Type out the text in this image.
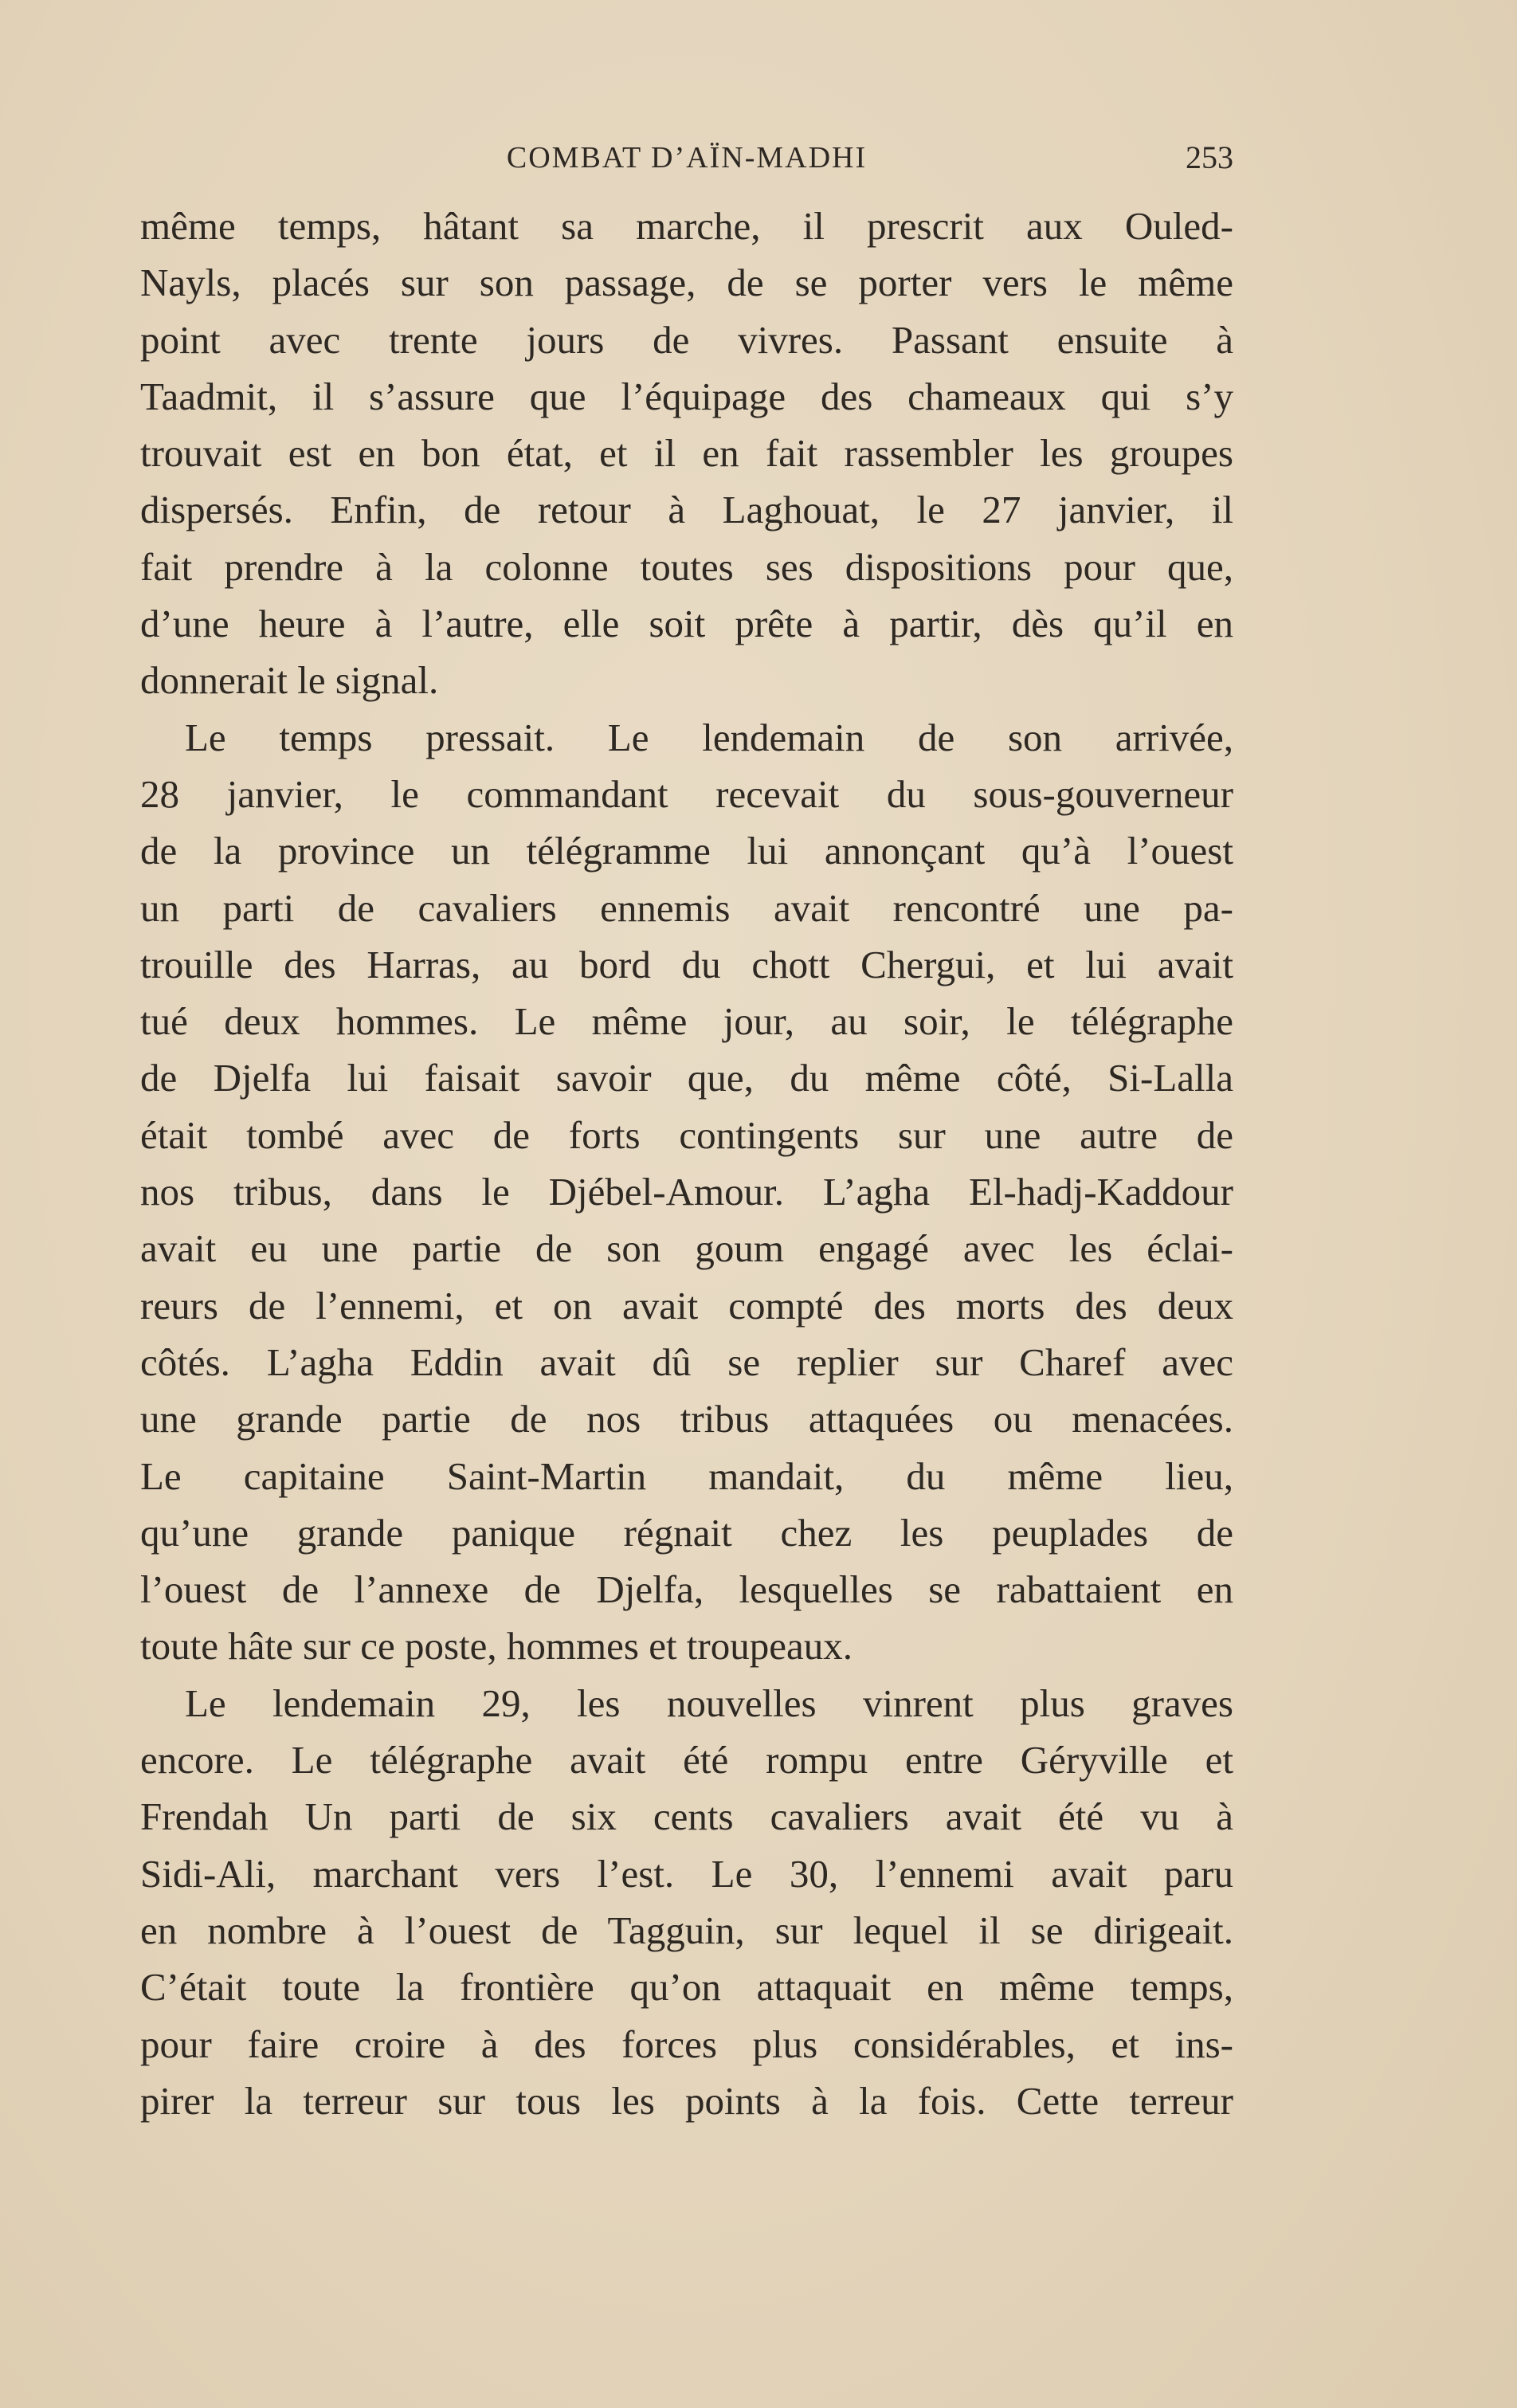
COMBAT D’AÏN-MADHI	253
même temps, hâtant sa marche, il prescrit aux Ouled-
Nayls, placés sur son passage, de se porter vers le même
point avec trente jours de vivres. Passant ensuite à
Taadmit, il s’assure que l’équipage des chameaux qui s’y
trouvait est en bon état, et il en fait rassembler les groupes
dispersés. Enfin, de retour à Laghouat, le 27 janvier, il
fait prendre à la colonne toutes ses dispositions pour que,
d’une heure à l’autre, elle soit prête à partir, dès qu’il en
donnerait le signal.
Le temps pressait. Le lendemain de son arrivée,
28 janvier, le commandant recevait du sous-gouverneur
de la province un télégramme lui annonçant qu’à l’ouest
un parti de cavaliers ennemis avait rencontré une pa-
trouille des Harras, au bord du chott Chergui, et lui avait
tué deux hommes. Le même jour, au soir, le télégraphe
de Djelfa lui faisait savoir que, du même côté, Si-Lalla
était tombé avec de forts contingents sur une autre de
nos tribus, dans le Djébel-Amour. L’agha El-hadj-Kaddour
avait eu une partie de son goum engagé avec les éclai-
reurs de l’ennemi, et on avait compté des morts des deux
côtés. L’agha Eddin avait dû se replier sur Charef avec
une grande partie de nos tribus attaquées ou menacées.
Le capitaine Saint-Martin mandait, du même lieu,
qu’une grande panique régnait chez les peuplades de
l’ouest de l’annexe de Djelfa, lesquelles se rabattaient en
toute hâte sur ce poste, hommes et troupeaux.
Le lendemain 29, les nouvelles vinrent plus graves
encore. Le télégraphe avait été rompu entre Géryville et
Frendah Un parti de six cents cavaliers avait été vu à
Sidi-Ali, marchant vers l’est. Le 30, l’ennemi avait paru
en nombre à l’ouest de Tagguin, sur lequel il se dirigeait.
C’était toute la frontière qu’on attaquait en même temps,
pour faire croire à des forces plus considérables, et ins-
pirer la terreur sur tous les points à la fois. Cette terreur
